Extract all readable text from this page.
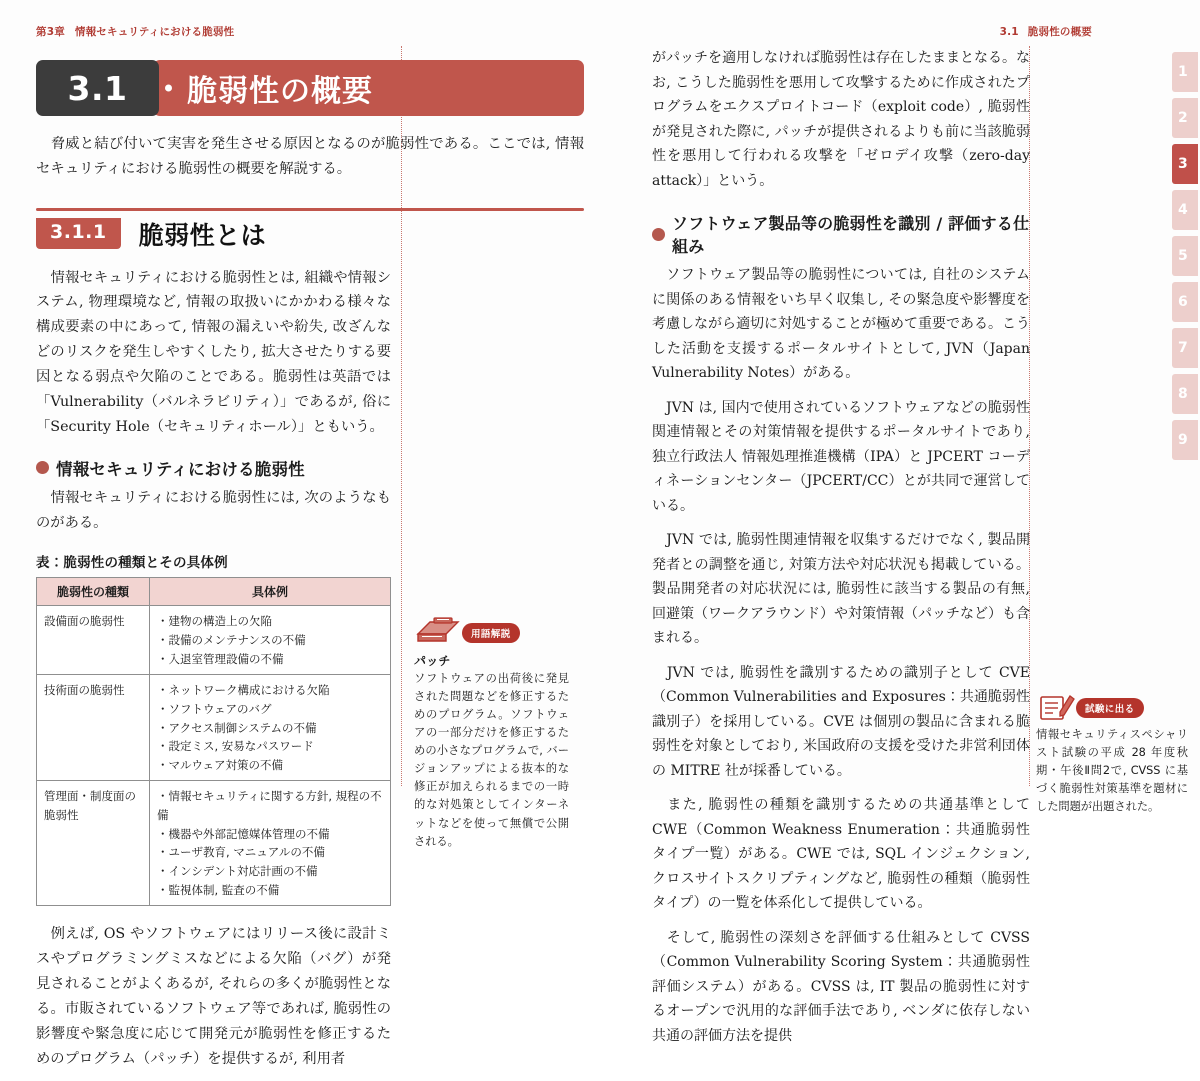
第3章 情報セキュリティにおける脆弱性	3.1 脆弱性の概要
3.1	脆弱性の概要

　脅威と結び付いて実害を発生させる原因となるのが脆弱性である。ここでは, 情報セキュリティにおける脆弱性の概要を解説する。

3.1.1	脆弱性とは

　情報セキュリティにおける脆弱性とは, 組織や情報システム, 物理環境など, 情報の取扱いにかかわる様々な構成要素の中にあって, 情報の漏えいや紛失, 改ざんなどのリスクを発生しやすくしたり, 拡大させたりする要因となる弱点や欠陥のことである。脆弱性は英語では「Vulnerability（バルネラビリティ）」であるが, 俗に「Security Hole（セキュリティホール）」ともいう。

情報セキュリティにおける脆弱性

　情報セキュリティにおける脆弱性には, 次のようなものがある。

表：脆弱性の種類とその具体例
脆弱性の種類	具体例
設備面の脆弱性	
・建物の構造上の欠陥
・ 設備のメンテナンスの不備
・ 入退室管理設備の不備

技術面の脆弱性	
・ネットワーク構成における欠陥
・ ソフトウェアのバグ
・ アクセス制御システムの不備
・ 設定ミス, 安易なパスワード
・ マルウェア対策の不備

管理面・制度面の脆弱性	
・ 情報セキュリティに関する方針, 規程の不備
・ 機器や外部記憶媒体管理の不備
・ ユーザ教育, マニュアルの不備
・ インシデント対応計画の不備
・ 監視体制, 監査の不備

　例えば, OS やソフトウェアにはリリース後に設計ミスやプログラミングミスなどによる欠陥（バグ）が発見されることがよくあるが, それらの多くが脆弱性となる。市販されているソフトウェア等であれば, 脆弱性の影響度や緊急度に応じて開発元が脆弱性を修正するためのプログラム（パッチ）を提供するが, 利用者

用語解説
パッチ
ソフトウェアの出荷後に発見された問題などを修正するためのプログラム。ソフトウェアの一部分だけを修正するための小さなプログラムで, バージョンアップによる抜本的な修正が加えられるまでの一時的な対処策としてインターネットなどを使って無償で公開される。

がパッチを適用しなければ脆弱性は存在したままとなる。なお, こうした脆弱性を悪用して攻撃するために作成されたプログラムをエクスプロイトコード（exploit code）, 脆弱性が発見された際に, パッチが提供されるよりも前に当該脆弱性を悪用して行われる攻撃を「ゼロデイ攻撃（zero-day attack）」という。

ソフトウェア製品等の脆弱性を識別 / 評価する仕組み

　ソフトウェア製品等の脆弱性については, 自社のシステムに関係のある情報をいち早く収集し, その緊急度や影響度を考慮しながら適切に対処することが極めて重要である。こうした活動を支援するポータルサイトとして, JVN（Japan Vulnerability Notes）がある。

　JVN は, 国内で使用されているソフトウェアなどの脆弱性関連情報とその対策情報を提供するポータルサイトであり, 独立行政法人 情報処理推進機構（IPA）と JPCERT コーディネーションセンター（JPCERT/CC）とが共同で運営している。

　JVN では, 脆弱性関連情報を収集するだけでなく, 製品開発者との調整を通じ, 対策方法や対応状況も掲載している。製品開発者の対応状況には, 脆弱性に該当する製品の有無, 回避策（ワークアラウンド）や対策情報（パッチなど）も含まれる。

　JVN では, 脆弱性を識別するための識別子として CVE（Common Vulnerabilities and Exposures：共通脆弱性識別子）を採用している。CVE は個別の製品に含まれる脆弱性を対象としており, 米国政府の支援を受けた非営利団体の MITRE 社が採番している。

　また, 脆弱性の種類を識別するための共通基準として CWE（Common Weakness Enumeration：共通脆弱性タイプ一覧）がある。CWE では, SQL インジェクション, クロスサイトスクリプティングなど, 脆弱性の種類（脆弱性タイプ）の一覧を体系化して提供している。

　そして, 脆弱性の深刻さを評価する仕組みとして CVSS（Common Vulnerability Scoring System：共通脆弱性評価システム）がある。CVSS は, IT 製品の脆弱性に対するオープンで汎用的な評価手法であり, ベンダに依存しない共通の評価方法を提供

試験に出る
情報セキュリティスペシャリスト試験の平成 28 年度秋期・午後Ⅱ問2で, CVSS に基づく脆弱性対策基準を題材にした問題が出題された。
1
2
3
4
5
6
7
8
9
